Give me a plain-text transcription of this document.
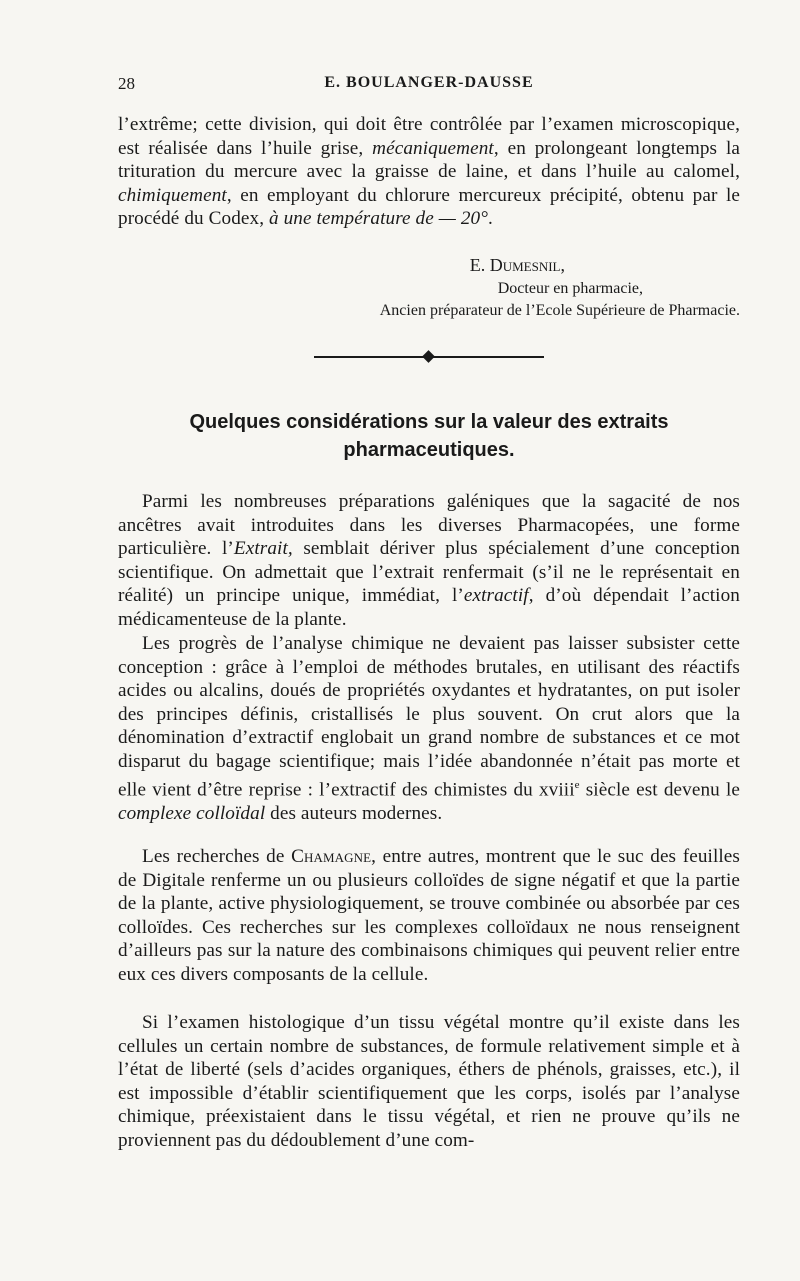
28	E. BOULANGER-DAUSSE
l’extrême; cette division, qui doit être contrôlée par l’examen microscopique, est réalisée dans l’huile grise, mécaniquement, en prolongeant longtemps la trituration du mercure avec la graisse de laine, et dans l’huile au calomel, chimiquement, en employant du chlorure mercureux précipité, obtenu par le procédé du Codex, à une température de — 20°.
E. Dumesnil,
Docteur en pharmacie,
Ancien préparateur de l’Ecole Supérieure de Pharmacie.
Quelques considérations sur la valeur des extraits pharmaceutiques.
Parmi les nombreuses préparations galéniques que la sagacité de nos ancêtres avait introduites dans les diverses Pharmacopées, une forme particulière. l’Extrait, semblait dériver plus spécialement d’une conception scientifique. On admettait que l’extrait renfermait (s’il ne le représentait en réalité) un principe unique, immédiat, l’extractif, d’où dépendait l’action médicamenteuse de la plante.
Les progrès de l’analyse chimique ne devaient pas laisser subsister cette conception : grâce à l’emploi de méthodes brutales, en utilisant des réactifs acides ou alcalins, doués de propriétés oxydantes et hydratantes, on put isoler des principes définis, cristallisés le plus souvent. On crut alors que la dénomination d’extractif englobait un grand nombre de substances et ce mot disparut du bagage scientifique; mais l’idée abandonnée n’était pas morte et elle vient d’être reprise : l’extractif des chimistes du xviii$^e$ siècle est devenu le complexe colloïdal des auteurs modernes.
Les recherches de Chamagne, entre autres, montrent que le suc des feuilles de Digitale renferme un ou plusieurs colloïdes de signe négatif et que la partie de la plante, active physiologiquement, se trouve combinée ou absorbée par ces colloïdes. Ces recherches sur les complexes colloïdaux ne nous renseignent d’ailleurs pas sur la nature des combinaisons chimiques qui peuvent relier entre eux ces divers composants de la cellule.
Si l’examen histologique d’un tissu végétal montre qu’il existe dans les cellules un certain nombre de substances, de formule relativement simple et à l’état de liberté (sels d’acides organiques, éthers de phénols, graisses, etc.), il est impossible d’établir scientifiquement que les corps, isolés par l’analyse chimique, préexistaient dans le tissu végétal, et rien ne prouve qu’ils ne proviennent pas du dédoublement d’une com-
